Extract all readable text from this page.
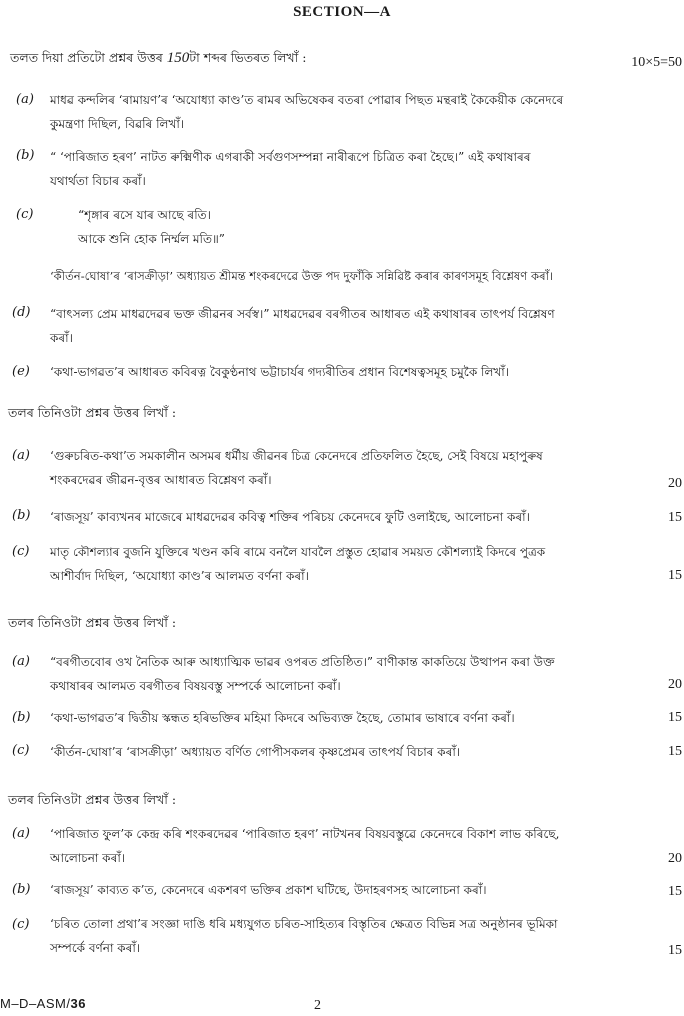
SECTION—A
তলত দিয়া প্ৰতিটো প্ৰশ্নৰ উত্তৰ 150টা শব্দৰ ভিতৰত লিখাঁ :	10×5=50
(a) মাধৱ কন্দলিৰ ‘ৰামায়ণ’ৰ ‘অযোধ্যা কাণ্ড’ত ৰামৰ অভিষেকৰ বতৰা পোৱাৰ পিছত মন্থৰাই কৈকেয়ীক কেনেদৰে
কুমন্ত্ৰণা দিছিল, বিৱৰি লিখাঁ।
(b) “ ‘পাৰিজাত হৰণ’ নাটত ৰুক্মিণীক এগৰাকী সৰ্বগুণসম্পন্না নাৰীৰূপে চিত্ৰিত কৰা হৈছে।” এই কথাষাৰৰ
যথাৰ্থতা বিচাৰ কৰাঁ।
(c)	“শৃঙ্গাৰ ৰসে যাৰ আছে ৰতি।
আকে শুনি হোক নিৰ্ম্মল মতি॥”
‘কীৰ্তন-ঘোষা’ৰ ‘ৰাসক্ৰীড়া’ অধ্যায়ত শ্ৰীমন্ত শংকৰদেৱে উক্ত পদ দুফাঁকি সন্নিৱিষ্ট কৰাৰ কাৰণসমূহ বিশ্লেষণ কৰাঁ।
(d) “বাৎসল্য প্ৰেম মাধৱদেৱৰ ভক্ত জীৱনৰ সৰ্বস্ব।” মাধৱদেৱৰ বৰগীতৰ আধাৰত এই কথাষাৰৰ তাৎপৰ্য বিশ্লেষণ
কৰাঁ।
(e) ‘কথা-ভাগৱত’ৰ আধাৰত কবিৰত্ন বৈকুণ্ঠনাথ ভট্টাচাৰ্যৰ গদ্যৰীতিৰ প্ৰধান বিশেষত্বসমূহ চমুকৈ লিখাঁ।
তলৰ তিনিওটা প্ৰশ্নৰ উত্তৰ লিখাঁ :
(a) ‘গুৰুচৰিত-কথা’ত সমকালীন অসমৰ ধৰ্মীয় জীৱনৰ চিত্ৰ কেনেদৰে প্ৰতিফলিত হৈছে, সেই বিষয়ে মহাপুৰুষ
শংকৰদেৱৰ জীৱন-বৃত্তৰ আধাৰত বিশ্লেষণ কৰাঁ।	20
(b) ‘ৰাজসূয়’ কাব্যখনৰ মাজেৰে মাধৱদেৱৰ কবিত্ব শক্তিৰ পৰিচয় কেনেদৰে ফুটি ওলাইছে, আলোচনা কৰাঁ।	15
(c) মাতৃ কৌশল্যাৰ বুজনি যুক্তিৰে খণ্ডন কৰি ৰামে বনলৈ যাবলৈ প্ৰস্তুত হোৱাৰ সময়ত কৌশল্যাই কিদৰে পুত্ৰক
আশীৰ্বাদ দিছিল, ‘অযোধ্যা কাণ্ড’ৰ আলমত বৰ্ণনা কৰাঁ।	15
তলৰ তিনিওটা প্ৰশ্নৰ উত্তৰ লিখাঁ :
(a) “বৰগীতবোৰ ওখ নৈতিক আৰু আধ্যাত্মিক ভাৱৰ ওপৰত প্ৰতিষ্ঠিত।” বাণীকান্ত কাকতিয়ে উত্থাপন কৰা উক্ত
কথাষাৰৰ আলমত বৰগীতৰ বিষয়বস্তু সম্পৰ্কে আলোচনা কৰাঁ।	20
(b) ‘কথা-ভাগৱত’ৰ দ্বিতীয় স্কন্ধত হৰিভক্তিৰ মহিমা কিদৰে অভিব্যক্ত হৈছে, তোমাৰ ভাষাৰে বৰ্ণনা কৰাঁ।	15
(c) ‘কীৰ্তন-ঘোষা’ৰ ‘ৰাসক্ৰীড়া’ অধ্যায়ত বৰ্ণিত গোপীসকলৰ কৃষ্ণপ্ৰেমৰ তাৎপৰ্য বিচাৰ কৰাঁ।	15
তলৰ তিনিওটা প্ৰশ্নৰ উত্তৰ লিখাঁ :
(a) ‘পাৰিজাত ফুল’ক কেন্দ্ৰ কৰি শংকৰদেৱৰ ‘পাৰিজাত হৰণ’ নাটখনৰ বিষয়বস্তুৱে কেনেদৰে বিকাশ লাভ কৰিছে,
আলোচনা কৰাঁ।	20
(b) ‘ৰাজসূয়’ কাব্যত ক’ত, কেনেদৰে একশৰণ ভক্তিৰ প্ৰকাশ ঘটিছে, উদাহৰণসহ আলোচনা কৰাঁ।	15
(c) ‘চৰিত তোলা প্ৰথা’ৰ সংজ্ঞা দাঙি ধৰি মধ্যযুগত চৰিত-সাহিত্যৰ বিস্তৃতিৰ ক্ষেত্ৰত বিভিন্ন সত্ৰ অনুষ্ঠানৰ ভূমিকা
সম্পৰ্কে বৰ্ণনা কৰাঁ।	15
M–D–ASM/36	2
